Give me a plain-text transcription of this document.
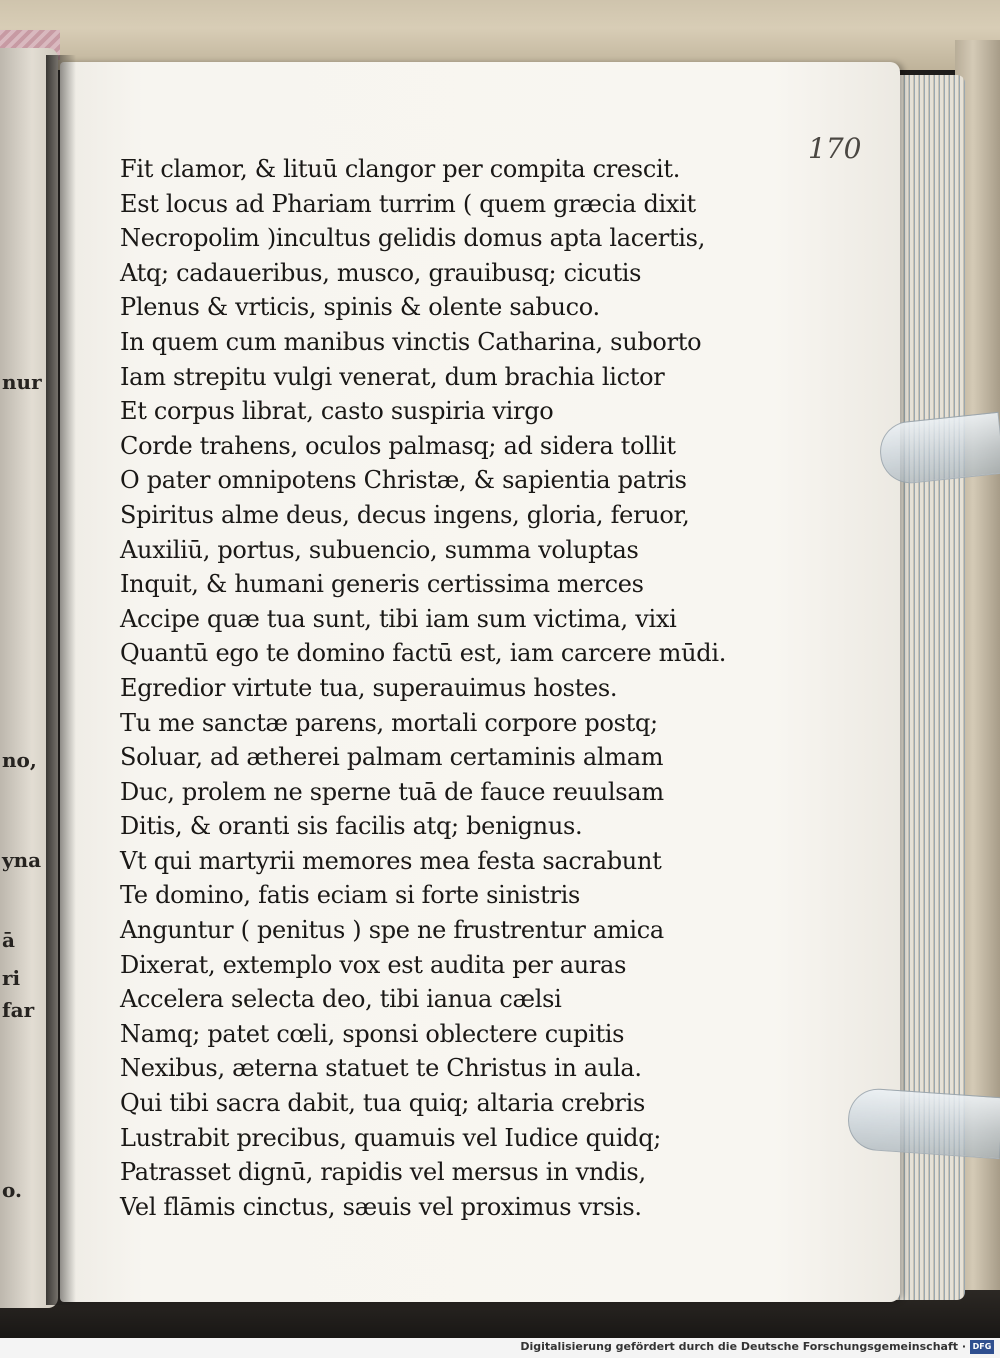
nur
no,
yna
ā
ri
far
o.
170
Fit clamor, & lituū clangor per compita crescit.
Est locus ad Phariam turrim ( quem græcia dixit
Necropolim )incultus gelidis domus apta lacertis,
Atq; cadaueribus, musco, grauibusq; cicutis
Plenus & vrticis, spinis & olente sabuco.
In quem cum manibus vinctis Catharina, suborto
Iam strepitu vulgi venerat, dum brachia lictor
Et corpus librat, casto suspiria virgo
Corde trahens, oculos palmasq; ad sidera tollit
O pater omnipotens Christæ, & sapientia patris
Spiritus alme deus, decus ingens, gloria, feruor,
Auxiliū, portus, subuencio, summa voluptas
Inquit, & humani generis certissima merces
Accipe quæ tua sunt, tibi iam sum victima, vixi
Quantū ego te domino factū est, iam carcere mūdi.
Egredior virtute tua, superauimus hostes.
Tu me sanctæ parens, mortali corpore postq;
Soluar, ad ætherei palmam certaminis almam
Duc, prolem ne sperne tuā de fauce reuulsam
Ditis, & oranti sis facilis atq; benignus.
Vt qui martyrii memores mea festa sacrabunt
Te domino, fatis eciam si forte sinistris
Anguntur ( penitus ) spe ne frustrentur amica
Dixerat, extemplo vox est audita per auras
Accelera selecta deo, tibi ianua cælsi
Namq; patet cœli, sponsi oblectere cupitis
Nexibus, æterna statuet te Christus in aula.
Qui tibi sacra dabit, tua quiq; altaria crebris
Lustrabit precibus, quamuis vel Iudice quidq;
Patrasset dignū, rapidis vel mersus in vndis,
Vel flāmis cinctus, sæuis vel proximus vrsis.
Digitalisierung gefördert durch die Deutsche Forschungsgemeinschaft · DFG
